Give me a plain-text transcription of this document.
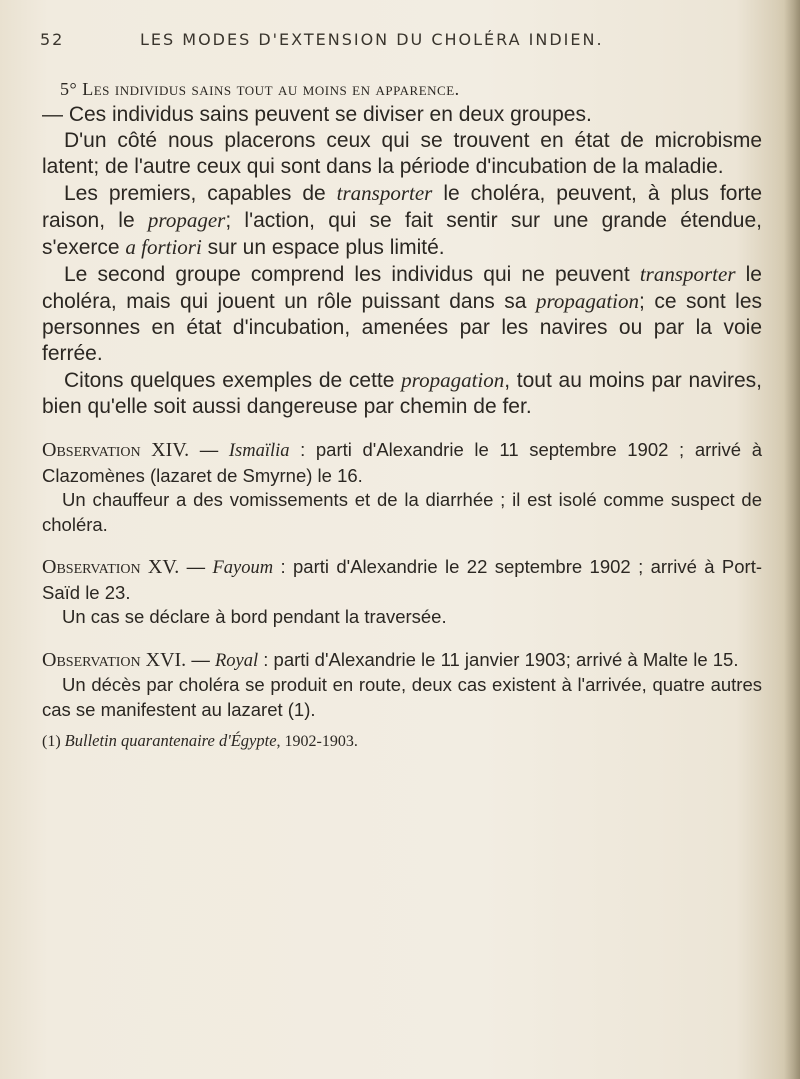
52	LES MODES D'EXTENSION DU CHOLÉRA INDIEN.
5° Les individus sains tout au moins en apparence.

— Ces individus sains peuvent se diviser en deux groupes.

D'un côté nous placerons ceux qui se trouvent en état de microbisme latent; de l'autre ceux qui sont dans la période d'incubation de la maladie.

Les premiers, capables de transporter le choléra, peuvent, à plus forte raison, le propager; l'action, qui se fait sentir sur une grande étendue, s'exerce a fortiori sur un espace plus limité.

Le second groupe comprend les individus qui ne peuvent transporter le choléra, mais qui jouent un rôle puissant dans sa propagation; ce sont les personnes en état d'incubation, amenées par les navires ou par la voie ferrée.

Citons quelques exemples de cette propagation, tout au moins par navires, bien qu'elle soit aussi dangereuse par chemin de fer.

Observation XIV. — Ismaïlia : parti d'Alexandrie le 11 septembre 1902 ; arrivé à Clazomènes (lazaret de Smyrne) le 16.

Un chauffeur a des vomissements et de la diarrhée ; il est isolé comme suspect de choléra.

Observation XV. — Fayoum : parti d'Alexandrie le 22 septembre 1902 ; arrivé à Port-Saïd le 23.

Un cas se déclare à bord pendant la traversée.

Observation XVI. — Royal : parti d'Alexandrie le 11 janvier 1903; arrivé à Malte le 15.

Un décès par choléra se produit en route, deux cas existent à l'arrivée, quatre autres cas se manifestent au lazaret (1).

(1) Bulletin quarantenaire d'Égypte, 1902-1903.
